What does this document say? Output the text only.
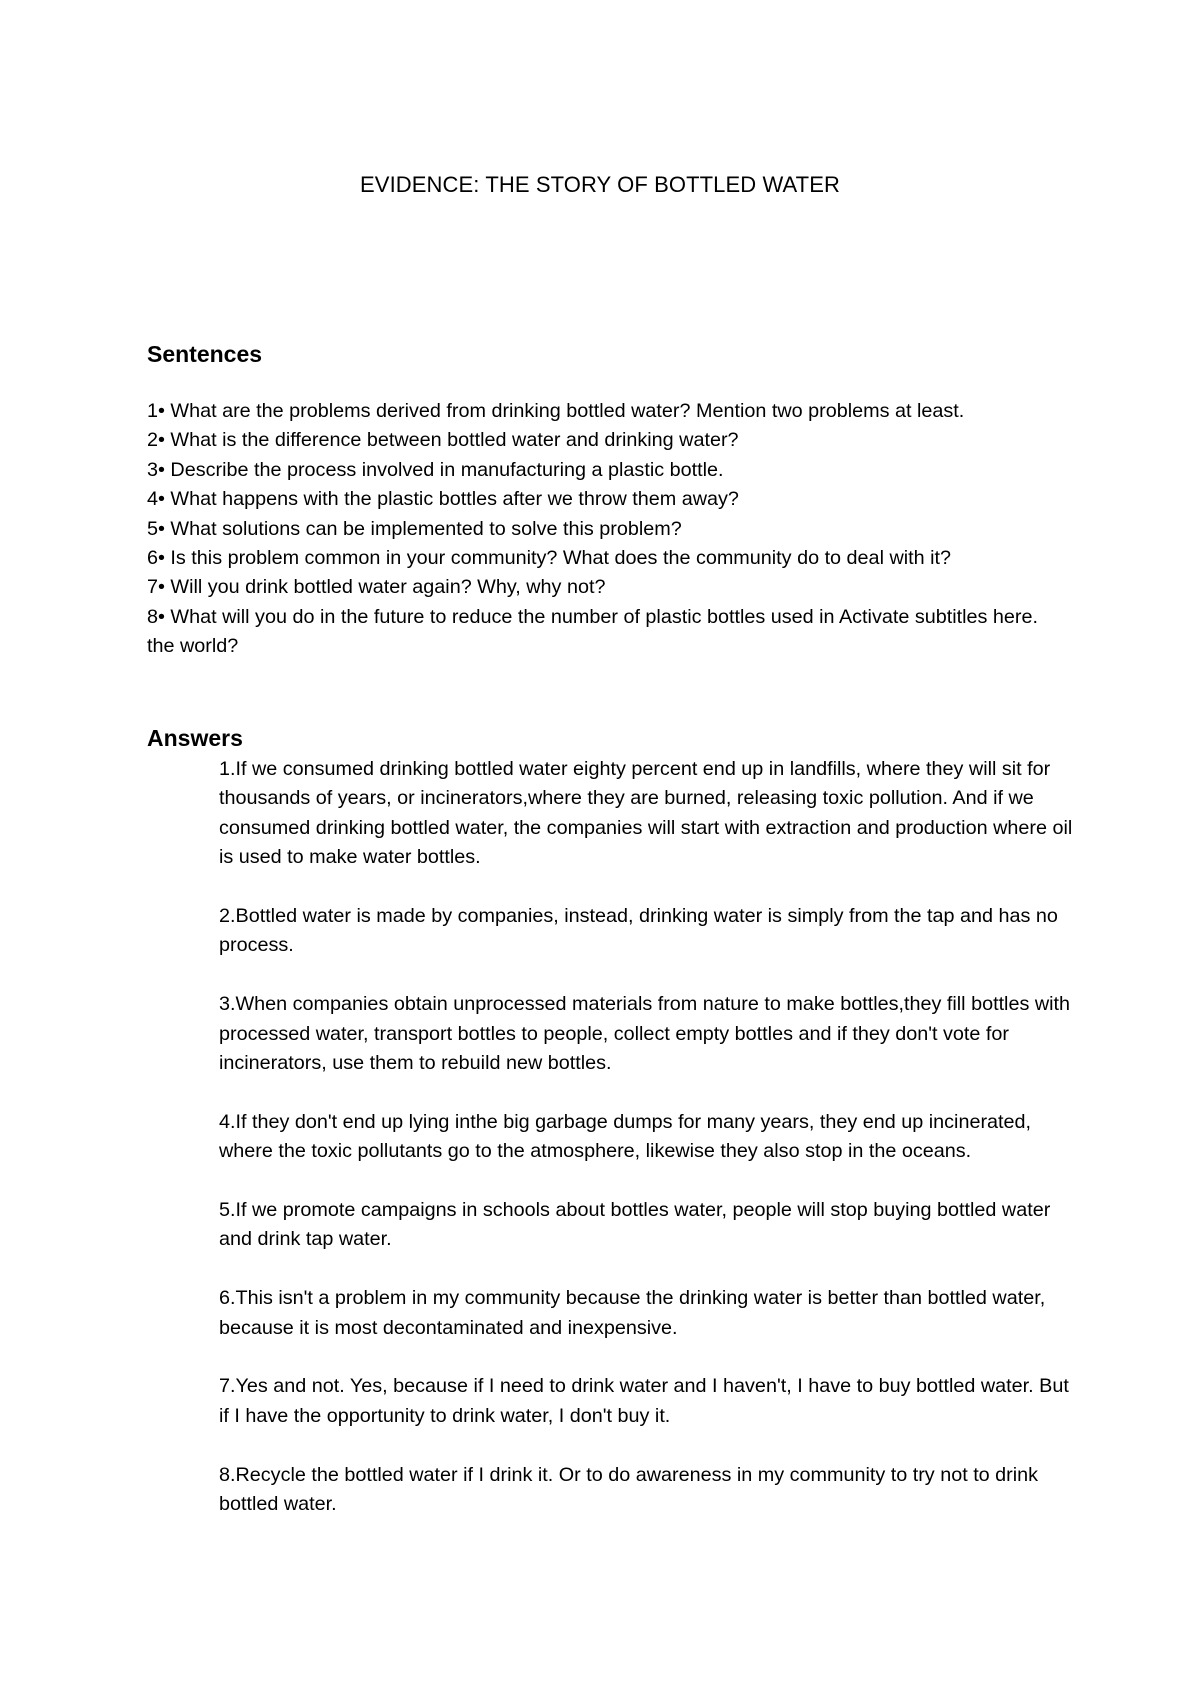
EVIDENCE: THE STORY OF BOTTLED WATER
Sentences

1• What are the problems derived from drinking bottled water? Mention two problems at least.

2• What is the difference between bottled water and drinking water?

3• Describe the process involved in manufacturing a plastic bottle.

4• What happens with the plastic bottles after we throw them away?

5• What solutions can be implemented to solve this problem?

6• Is this problem common in your community? What does the community do to deal with it?

7• Will you drink bottled water again? Why, why not?

8• What will you do in the future to reduce the number of plastic bottles used in Activate subtitles here. the world?

Answers

1.If we consumed drinking bottled water eighty percent end up in landfills, where they will sit for thousands of years, or incinerators,where they are burned, releasing toxic pollution. And if we consumed drinking bottled water, the companies will start with extraction and production where oil is used to make water bottles.

2.Bottled water is made by companies, instead, drinking water is simply from the tap and has no process.

3.When companies obtain unprocessed materials from nature to make bottles,they fill bottles with processed water, transport bottles to people, collect empty bottles and if they don't vote for incinerators, use them to rebuild new bottles.

4.If they don't end up lying inthe big garbage dumps for many years, they end up incinerated, where the toxic pollutants go to the atmosphere, likewise they also stop in the oceans.

5.If we promote campaigns in schools about bottles water, people will stop buying bottled water and drink tap water.

6.This isn't a problem in my community because the drinking water is better than bottled water, because it is most decontaminated and inexpensive.

7.Yes and not. Yes, because if I need to drink water and I haven't, I have to buy bottled water. But if I have the opportunity to drink water, I don't buy it.

8.Recycle the bottled water if I drink it. Or to do awareness in my community to try not to drink bottled water.
